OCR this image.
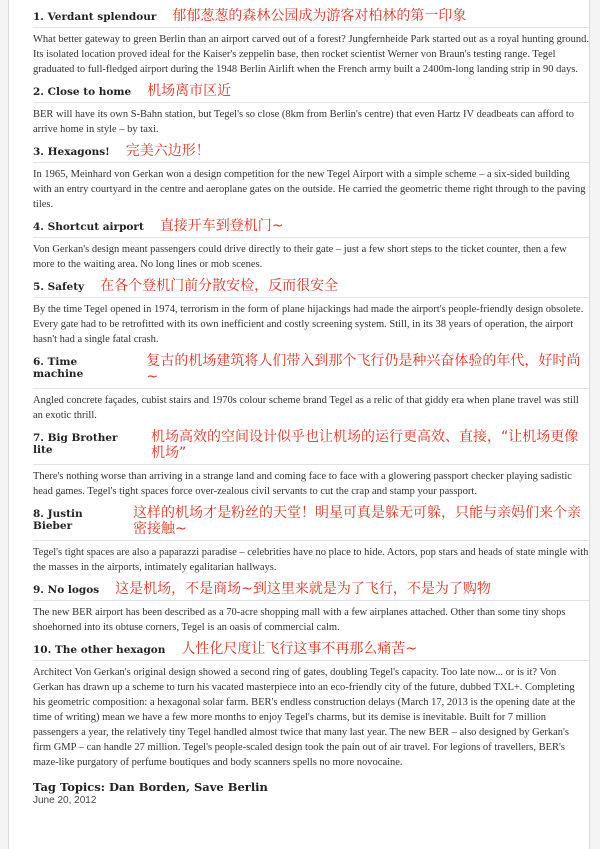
1. Verdant splendour 郁郁葱葱的森林公园成为游客对柏林的第一印象

What better gateway to green Berlin than an airport carved out of a forest? Jungfernheide Park started out as a royal hunting ground. Its isolated location proved ideal for the Kaiser's zeppelin base, then rocket scientist Werner von Braun's testing range. Tegel graduated to full-fledged airport during the 1948 Berlin Airlift when the French army built a 2400m-long landing strip in 90 days.

2. Close to home 机场离市区近

BER will have its own S-Bahn station, but Tegel's so close (8km from Berlin's centre) that even Hartz IV deadbeats can afford to arrive home in style – by taxi.

3. Hexagons! 完美六边形！

In 1965, Meinhard von Gerkan won a design competition for the new Tegel Airport with a simple scheme – a six-sided building with an entry courtyard in the centre and aeroplane gates on the outside. He carried the geometric theme right through to the paving tiles.

4. Shortcut airport 直接开车到登机门~

Von Gerkan's design meant passengers could drive directly to their gate – just a few short steps to the ticket counter, then a few more to the waiting area. No long lines or mob scenes.

5. Safety 在各个登机门前分散安检，反而很安全

By the time Tegel opened in 1974, terrorism in the form of plane hijackings had made the airport's people-friendly design obsolete. Every gate had to be retrofitted with its own inefficient and costly screening system. Still, in its 38 years of operation, the airport hasn't had a single fatal crash.

6. Time machine
复古的机场建筑将人们带入到那个飞行仍是种兴奋体验的年代，好时尚~

Angled concrete façades, cubist stairs and 1970s colour scheme brand Tegel as a relic of that giddy era when plane travel was still an exotic thrill.

7. Big Brother lite
机场高效的空间设计似乎也让机场的运行更高效、直接，“让机场更像机场”

There's nothing worse than arriving in a strange land and coming face to face with a glowering passport checker playing sadistic head games. Tegel's tight spaces force over-zealous civil servants to cut the crap and stamp your passport.

8. Justin Bieber
这样的机场才是粉丝的天堂！明星可真是躲无可躲，只能与亲妈们来个亲密接触~

Tegel's tight spaces are also a paparazzi paradise – celebrities have no place to hide. Actors, pop stars and heads of state mingle with the masses in the airports, intimately egalitarian hallways.

9. No logos 这是机场，不是商场~到这里来就是为了飞行，不是为了购物

The new BER airport has been described as a 70-acre shopping mall with a few airplanes attached. Other than some tiny shops shoehorned into its obtuse corners, Tegel is an oasis of commercial calm.

10. The other hexagon 人性化尺度让飞行这事不再那么痛苦~

Architect Von Gerkan's original design showed a second ring of gates, doubling Tegel's capacity. Too late now... or is it? Von Gerkan has drawn up a scheme to turn his vacated masterpiece into an eco-friendly city of the future, dubbed TXL+. Completing his geometric composition: a hexagonal solar farm. BER's endless construction delays (March 17, 2013 is the opening date at the time of writing) mean we have a few more months to enjoy Tegel's charms, but its demise is inevitable. Built for 7 million passengers a year, the relatively tiny Tegel handled almost twice that many last year. The new BER – also designed by Gerkan's firm GMP – can handle 27 million. Tegel's people-scaled design took the pain out of air travel. For legions of travellers, BER's maze-like purgatory of perfume boutiques and body scanners spells no more novocaine.

Tag Topics: Dan Borden, Save Berlin
June 20, 2012
